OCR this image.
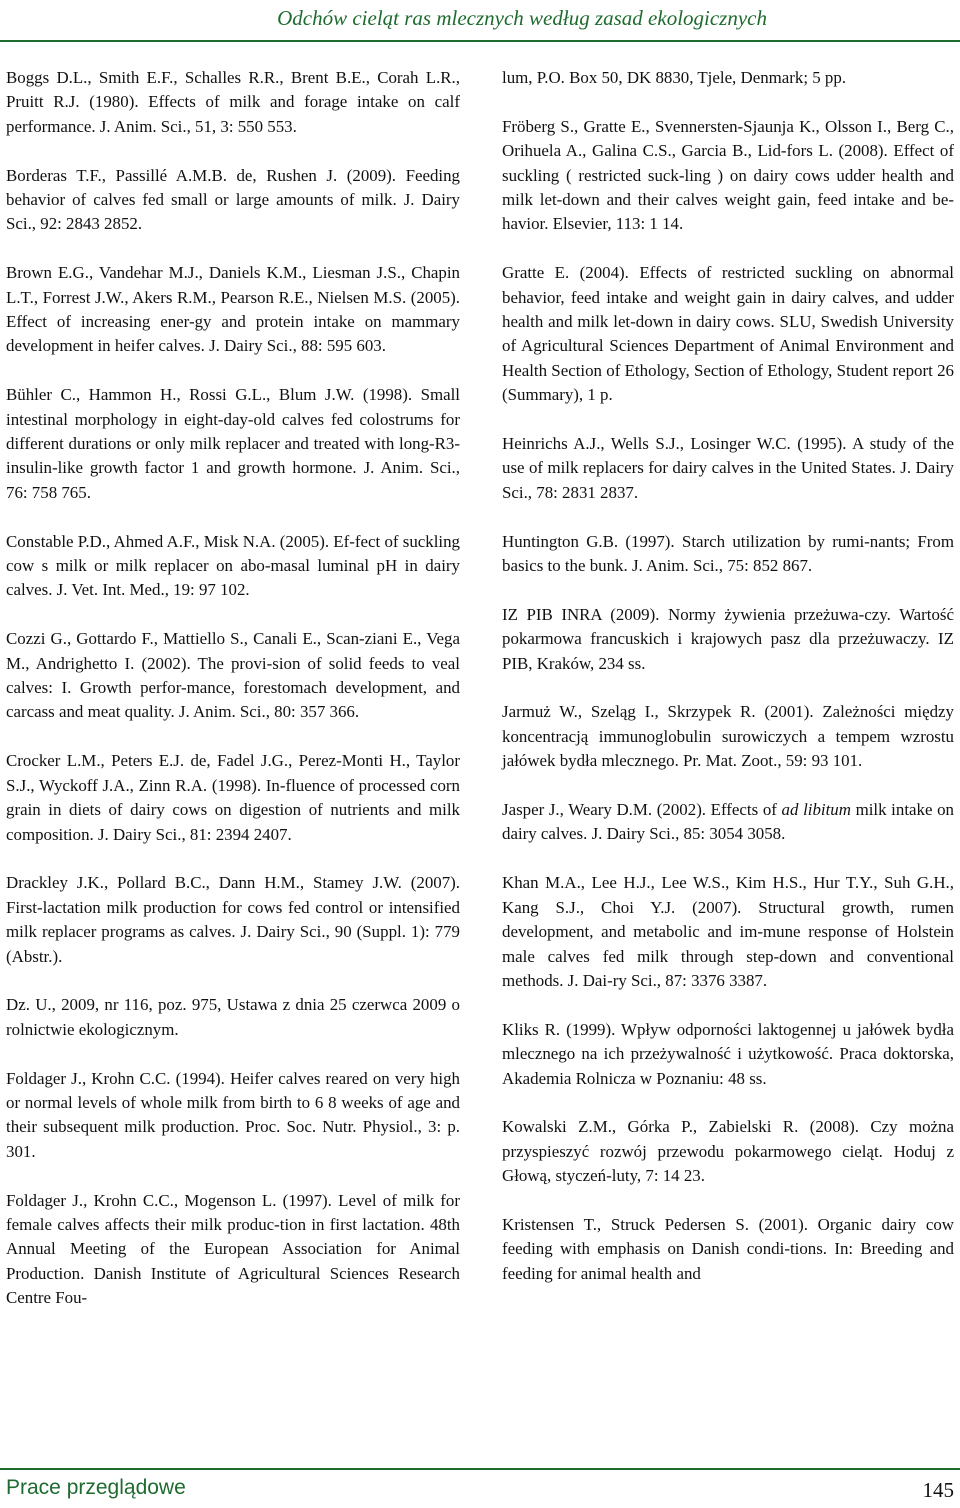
Odchów cieląt ras mlecznych według zasad ekologicznych

Boggs D.L., Smith E.F., Schalles R.R., Brent B.E., Corah L.R., Pruitt R.J. (1980). Effects of milk and forage intake on calf performance. J. Anim. Sci., 51, 3: 550 553.

Borderas T.F., Passillé A.M.B. de, Rushen J. (2009). Feeding behavior of calves fed small or large amounts of milk. J. Dairy Sci., 92: 2843 2852.

Brown E.G., Vandehar M.J., Daniels K.M., Liesman J.S., Chapin L.T., Forrest J.W., Akers R.M., Pearson R.E., Nielsen M.S. (2005). Effect of increasing ener-gy and protein intake on mammary development in heifer calves. J. Dairy Sci., 88: 595 603.

Bühler C., Hammon H., Rossi G.L., Blum J.W. (1998). Small intestinal morphology in eight-day-old calves fed colostrums for different durations or only milk replacer and treated with long-R3-insulin-like growth factor 1 and growth hormone. J. Anim. Sci., 76: 758 765.

Constable P.D., Ahmed A.F., Misk N.A. (2005). Ef-fect of suckling cow s milk or milk replacer on abo-masal luminal pH in dairy calves. J. Vet. Int. Med., 19: 97 102.

Cozzi G., Gottardo F., Mattiello S., Canali E., Scan-ziani E., Vega M., Andrighetto I. (2002). The provi-sion of solid feeds to veal calves: I. Growth perfor-mance, forestomach development, and carcass and meat quality. J. Anim. Sci., 80: 357 366.

Crocker L.M., Peters E.J. de, Fadel J.G., Perez-Monti H., Taylor S.J., Wyckoff J.A., Zinn R.A. (1998). In-fluence of processed corn grain in diets of dairy cows on digestion of nutrients and milk composition. J. Dairy Sci., 81: 2394 2407.

Drackley J.K., Pollard B.C., Dann H.M., Stamey J.W. (2007). First-lactation milk production for cows fed control or intensified milk replacer programs as calves. J. Dairy Sci., 90 (Suppl. 1): 779 (Abstr.).

Dz. U., 2009, nr 116, poz. 975, Ustawa z dnia 25 czerwca 2009 o rolnictwie ekologicznym.

Foldager J., Krohn C.C. (1994). Heifer calves reared on very high or normal levels of whole milk from birth to 6 8 weeks of age and their subsequent milk production. Proc. Soc. Nutr. Physiol., 3: p. 301.

Foldager J., Krohn C.C., Mogenson L. (1997). Level of milk for female calves affects their milk produc-tion in first lactation. 48th Annual Meeting of the European Association for Animal Production. Danish Institute of Agricultural Sciences Research Centre Fou-

lum, P.O. Box 50, DK 8830, Tjele, Denmark; 5 pp.

Fröberg S., Gratte E., Svennersten-Sjaunja K., Olsson I., Berg C., Orihuela A., Galina C.S., Garcia B., Lid-fors L. (2008). Effect of suckling ( restricted suck-ling ) on dairy cows udder health and milk let-down and their calves weight gain, feed intake and be-havior. Elsevier, 113: 1 14.

Gratte E. (2004). Effects of restricted suckling on abnormal behavior, feed intake and weight gain in dairy calves, and udder health and milk let-down in dairy cows. SLU, Swedish University of Agricultural Sciences Department of Animal Environment and Health Section of Ethology, Section of Ethology, Student report 26 (Summary), 1 p.

Heinrichs A.J., Wells S.J., Losinger W.C. (1995). A study of the use of milk replacers for dairy calves in the United States. J. Dairy Sci., 78: 2831 2837.

Huntington G.B. (1997). Starch utilization by rumi-nants; From basics to the bunk. J. Anim. Sci., 75: 852 867.

IZ PIB INRA (2009). Normy żywienia przeżuwa-czy. Wartość pokarmowa francuskich i krajowych pasz dla przeżuwaczy. IZ PIB, Kraków, 234 ss.

Jarmuż W., Szeląg I., Skrzypek R. (2001). Zależności między koncentracją immunoglobulin surowiczych a tempem wzrostu jałówek bydła mlecznego. Pr. Mat. Zoot., 59: 93 101.

Jasper J., Weary D.M. (2002). Effects of ad libitum milk intake on dairy calves. J. Dairy Sci., 85: 3054 3058.

Khan M.A., Lee H.J., Lee W.S., Kim H.S., Hur T.Y., Suh G.H., Kang S.J., Choi Y.J. (2007). Structural growth, rumen development, and metabolic and im-mune response of Holstein male calves fed milk through step-down and conventional methods. J. Dai-ry Sci., 87: 3376 3387.

Kliks R. (1999). Wpływ odporności laktogennej u jałówek bydła mlecznego na ich przeżywalność i użytkowość. Praca doktorska, Akademia Rolnicza w Poznaniu: 48 ss.

Kowalski Z.M., Górka P., Zabielski R. (2008). Czy można przyspieszyć rozwój przewodu pokarmowego cieląt. Hoduj z Głową, styczeń-luty, 7: 14 23.

Kristensen T., Struck Pedersen S. (2001). Organic dairy cow feeding with emphasis on Danish condi-tions. In: Breeding and feeding for animal health and

Prace przeglądowe	145
